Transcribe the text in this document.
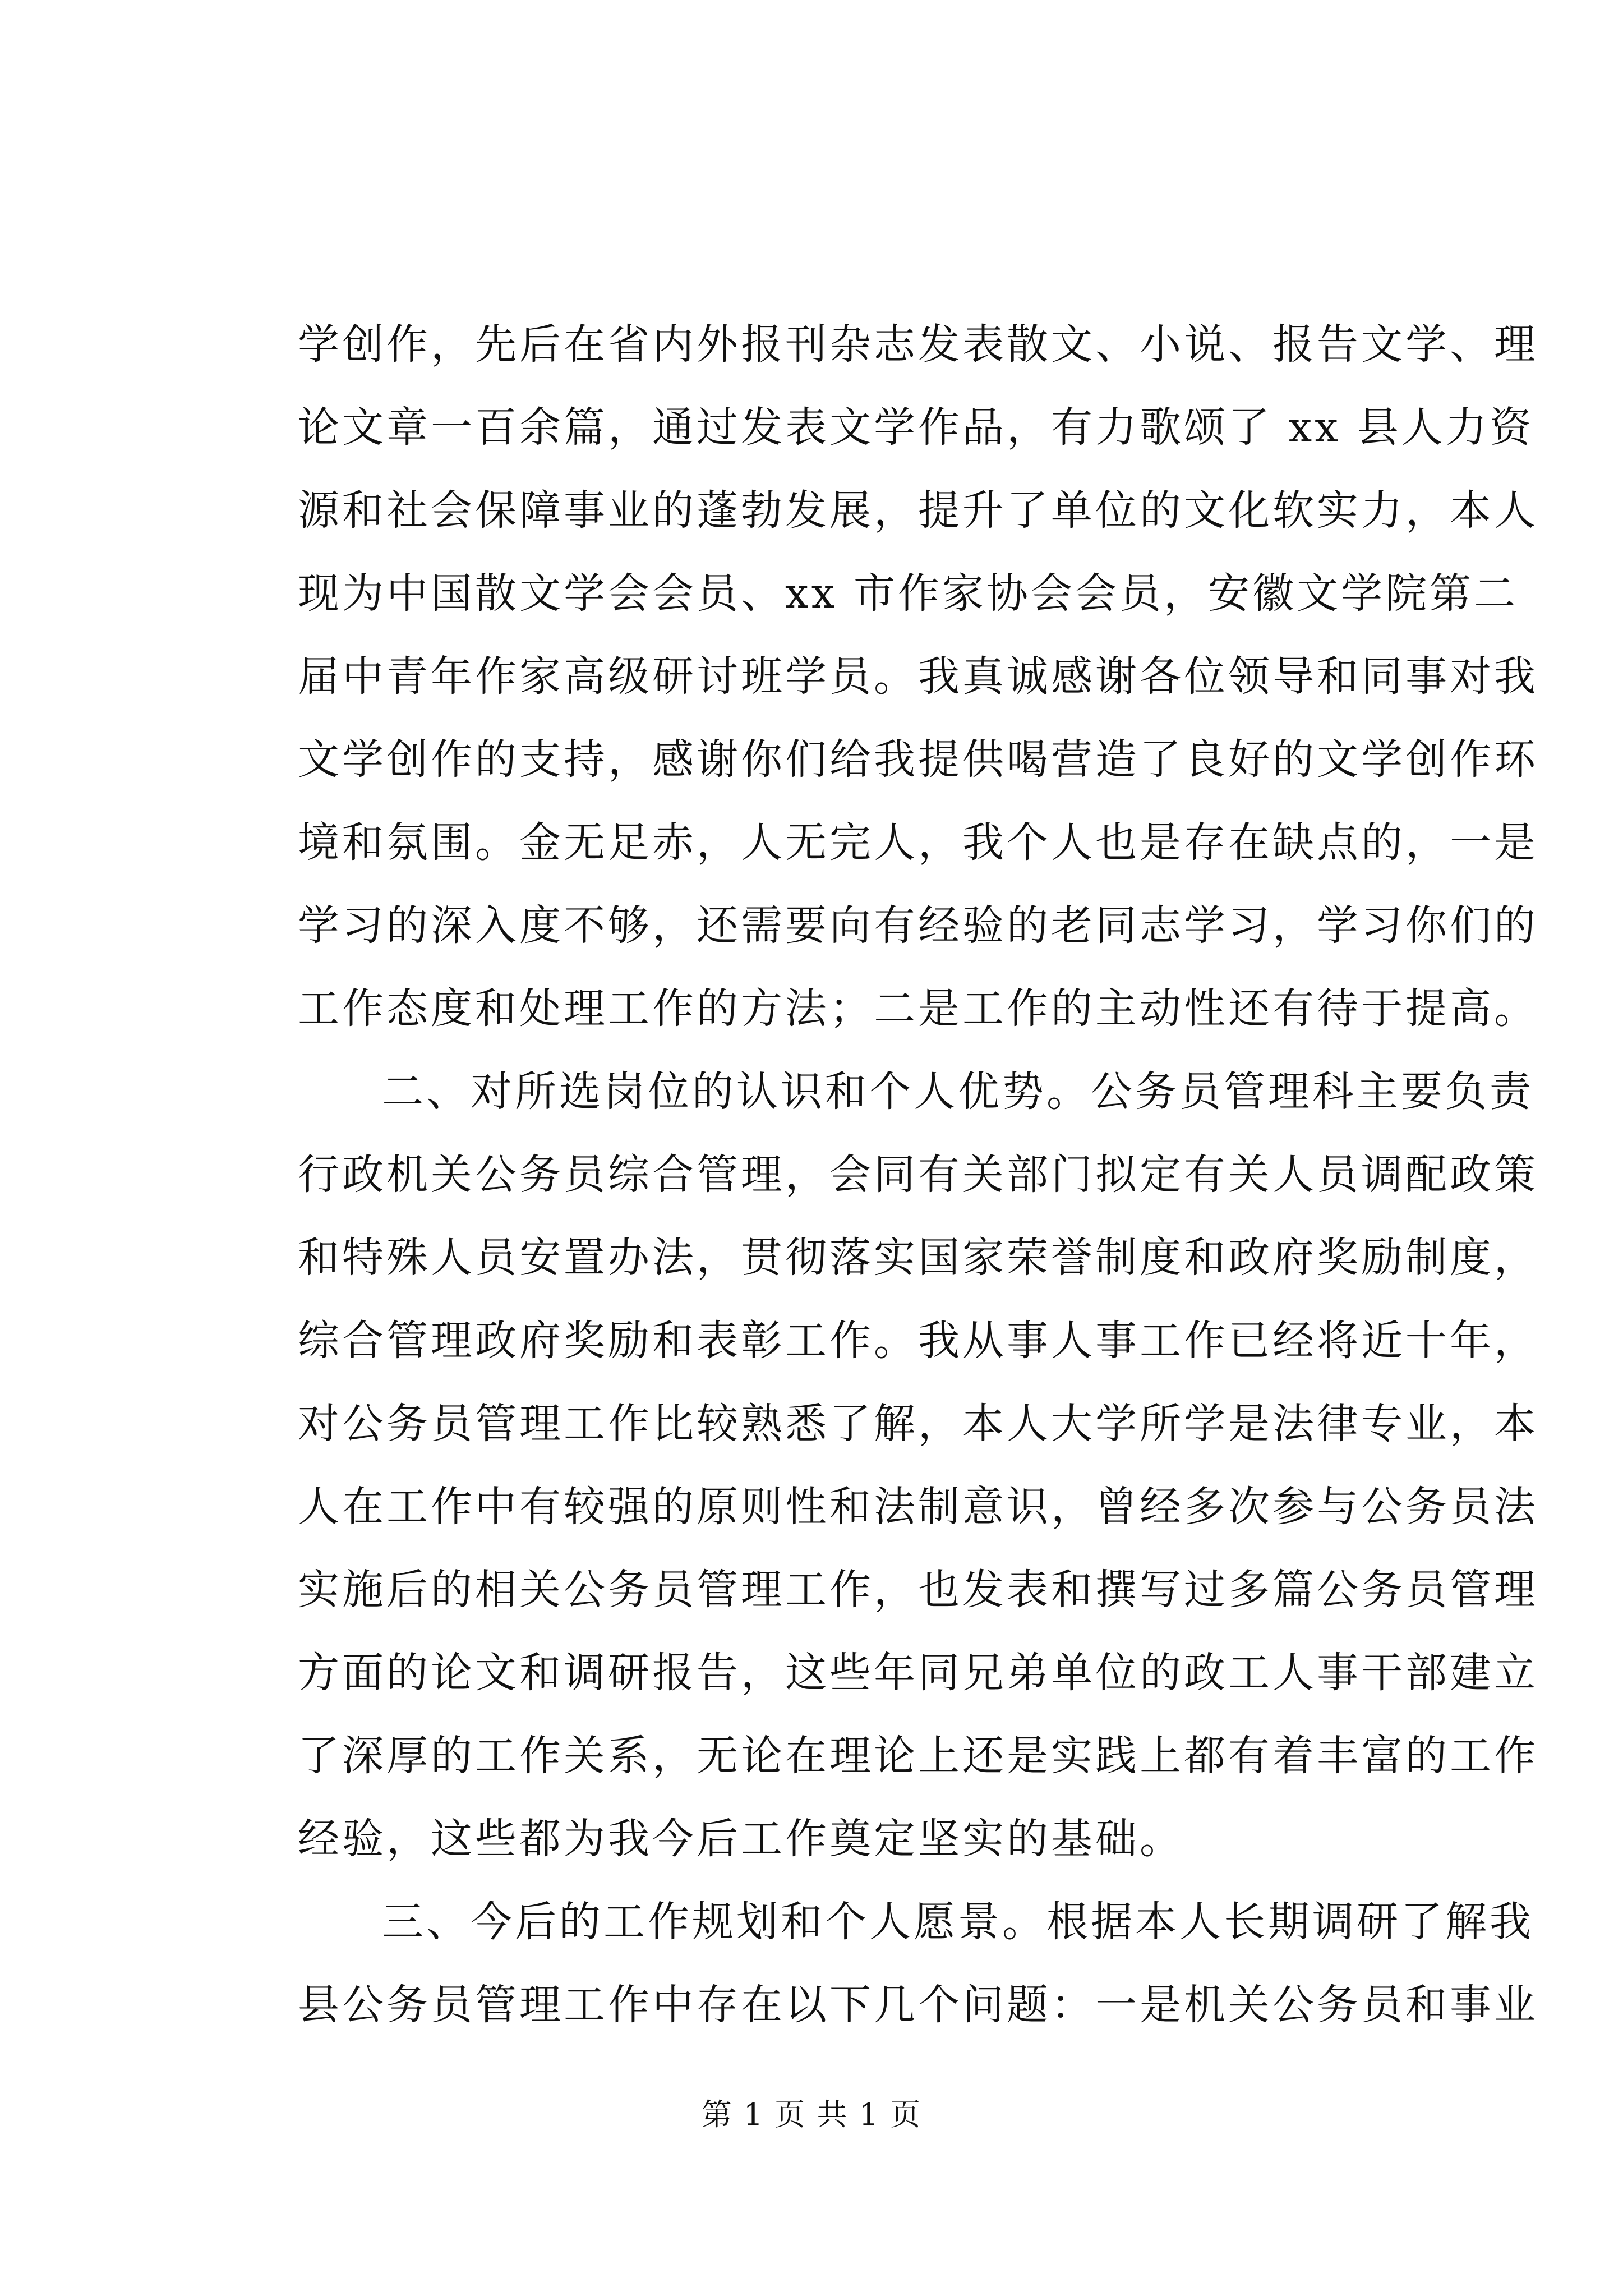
学创作，先后在省内外报刊杂志发表散文、小说、报告文学、理
论文章一百余篇，通过发表文学作品，有力歌颂了 xx 县人力资
源和社会保障事业的蓬勃发展，提升了单位的文化软实力，本人
现为中国散文学会会员、xx 市作家协会会员，安徽文学院第二
届中青年作家高级研讨班学员。我真诚感谢各位领导和同事对我
文学创作的支持，感谢你们给我提供喝营造了良好的文学创作环
境和氛围。金无足赤，人无完人，我个人也是存在缺点的，一是
学习的深入度不够，还需要向有经验的老同志学习，学习你们的
工作态度和处理工作的方法；二是工作的主动性还有待于提高。
二、对所选岗位的认识和个人优势。公务员管理科主要负责
行政机关公务员综合管理，会同有关部门拟定有关人员调配政策
和特殊人员安置办法，贯彻落实国家荣誉制度和政府奖励制度，
综合管理政府奖励和表彰工作。我从事人事工作已经将近十年，
对公务员管理工作比较熟悉了解，本人大学所学是法律专业，本
人在工作中有较强的原则性和法制意识，曾经多次参与公务员法
实施后的相关公务员管理工作，也发表和撰写过多篇公务员管理
方面的论文和调研报告，这些年同兄弟单位的政工人事干部建立
了深厚的工作关系，无论在理论上还是实践上都有着丰富的工作
经验，这些都为我今后工作奠定坚实的基础。
三、今后的工作规划和个人愿景。根据本人长期调研了解我
县公务员管理工作中存在以下几个问题：一是机关公务员和事业
第 1 页 共 1 页
